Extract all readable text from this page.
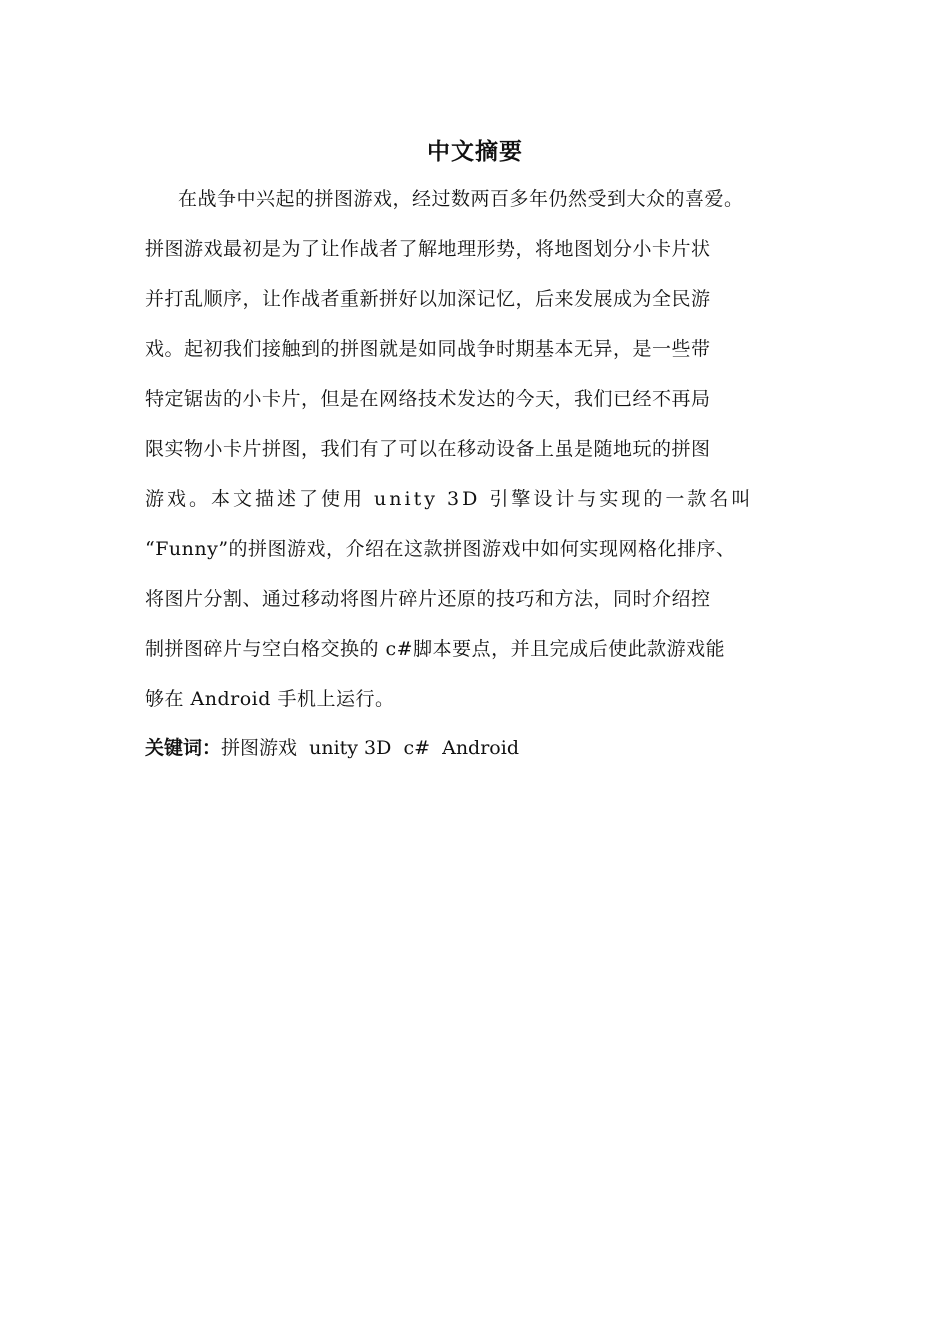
中文摘要
在战争中兴起的拼图游戏，经过数两百多年仍然受到大众的喜爱。
拼图游戏最初是为了让作战者了解地理形势，将地图划分小卡片状
并打乱顺序，让作战者重新拼好以加深记忆，后来发展成为全民游
戏。起初我们接触到的拼图就是如同战争时期基本无异，是一些带
特定锯齿的小卡片，但是在网络技术发达的今天，我们已经不再局
限实物小卡片拼图，我们有了可以在移动设备上虽是随地玩的拼图
游戏。本文描述了使用 unity 3D 引擎设计与实现的一款名叫
“Funny”的拼图游戏，介绍在这款拼图游戏中如何实现网格化排序、
将图片分割、通过移动将图片碎片还原的技巧和方法，同时介绍控
制拼图碎片与空白格交换的 c#脚本要点，并且完成后使此款游戏能
够在 Android 手机上运行。
关键词：拼图游戏  unity 3D  c#  Android
